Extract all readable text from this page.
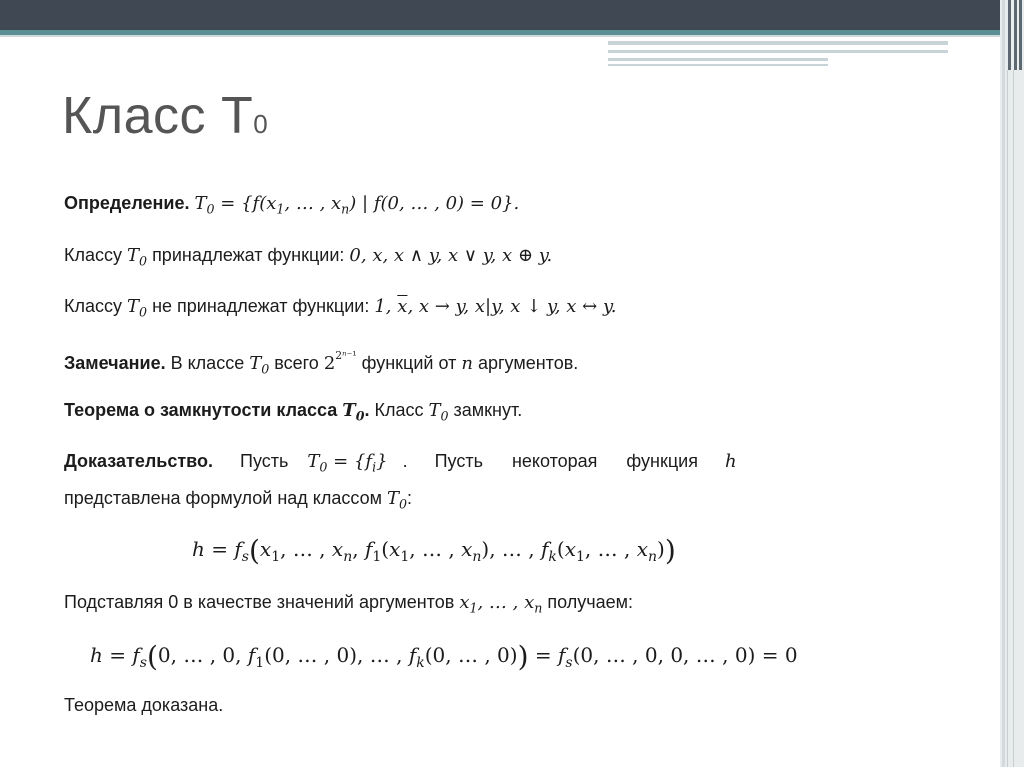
Класс T0
Определение. $T_0 = \{f(x_1$, … , $x_n$) | f(0, … , 0) = 0}.
Классу $T_0$ принадлежат функции: 0, x, x ∧ y, x ∨ y, x ⊕ y.
Классу $T_0$ не принадлежат функции: 1, $\overline{x}$, x → y, x|y, x ↓ y, x ↔ y.
Замечание. В классе $T_0$ всего $2^{2^{n-1}}$ функций от n аргументов.
Теорема о замкнутости класса $T_0$. Класс $T_0$ замкнут.
Доказательство. Пусть $T_0 = \{f_i\}$ . Пусть некоторая функция h
представлена формулой над классом $T_0$:
$h = f_s(x_1$, … , $x_n$, $f_1(x_1$, … , $x_n$), … , $f_k(x_1$, … , $x_n$))
Подставляя 0 в качестве значений аргументов $x_1$, … , $x_n$ получаем:
$h = f_s(0$, … , 0, $f_1(0$, … , 0), … , $f_k(0$, … , $0)) = f_s(0$, … , 0, 0, … , 0) = 0
Теорема доказана.
